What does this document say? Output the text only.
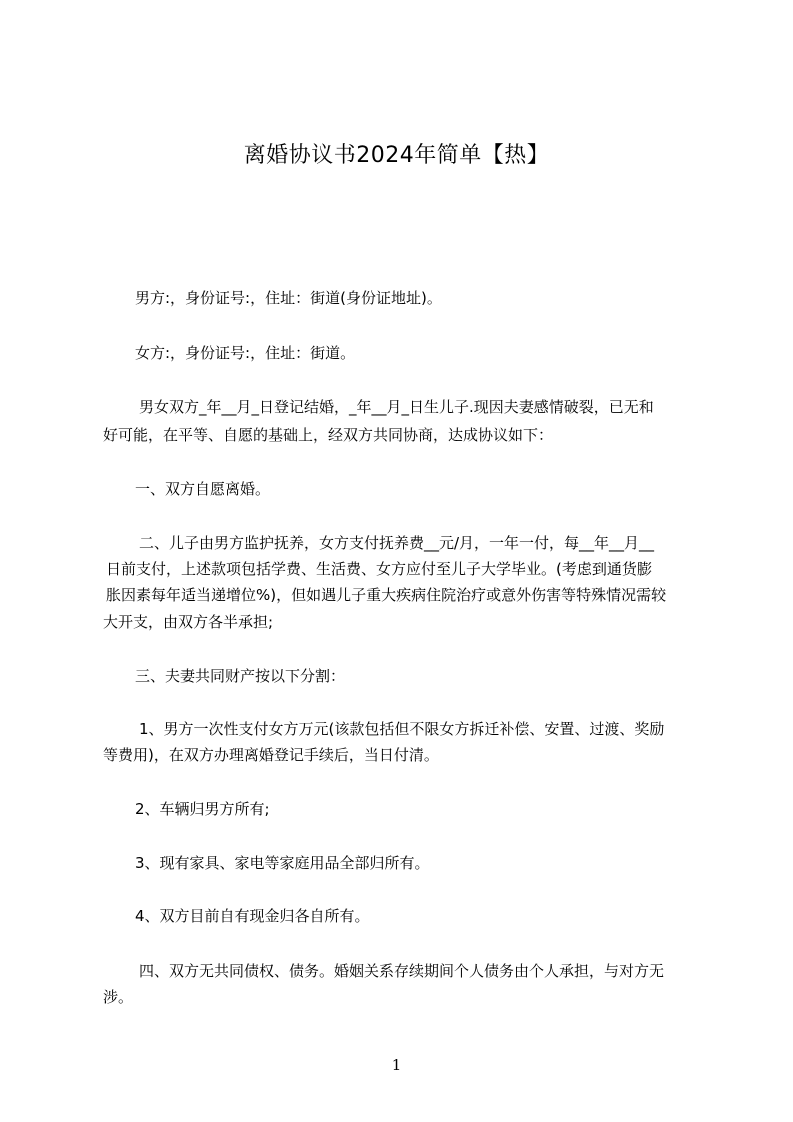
离婚协议书2024年简单【热】
男方:，身份证号:，住址：街道(身份证地址)。
女方:，身份证号:，住址：街道。
男女双方_年__月_日登记结婚，_年__月_日生儿子.现因夫妻感情破裂，已无和
好可能，在平等、自愿的基础上，经双方共同协商，达成协议如下：
一、双方自愿离婚。
二、儿子由男方监护抚养，女方支付抚养费__元/月，一年一付，每__年__月__
日前支付，上述款项包括学费、生活费、女方应付至儿子大学毕业。(考虑到通货膨
胀因素每年适当递增位%)，但如遇儿子重大疾病住院治疗或意外伤害等特殊情况需较
大开支，由双方各半承担;
三、夫妻共同财产按以下分割：
1、男方一次性支付女方万元(该款包括但不限女方拆迁补偿、安置、过渡、奖励
等费用)，在双方办理离婚登记手续后，当日付清。
2、车辆归男方所有;
3、现有家具、家电等家庭用品全部归所有。
4、双方目前自有现金归各自所有。
四、双方无共同债权、债务。婚姻关系存续期间个人债务由个人承担，与对方无
涉。
1
